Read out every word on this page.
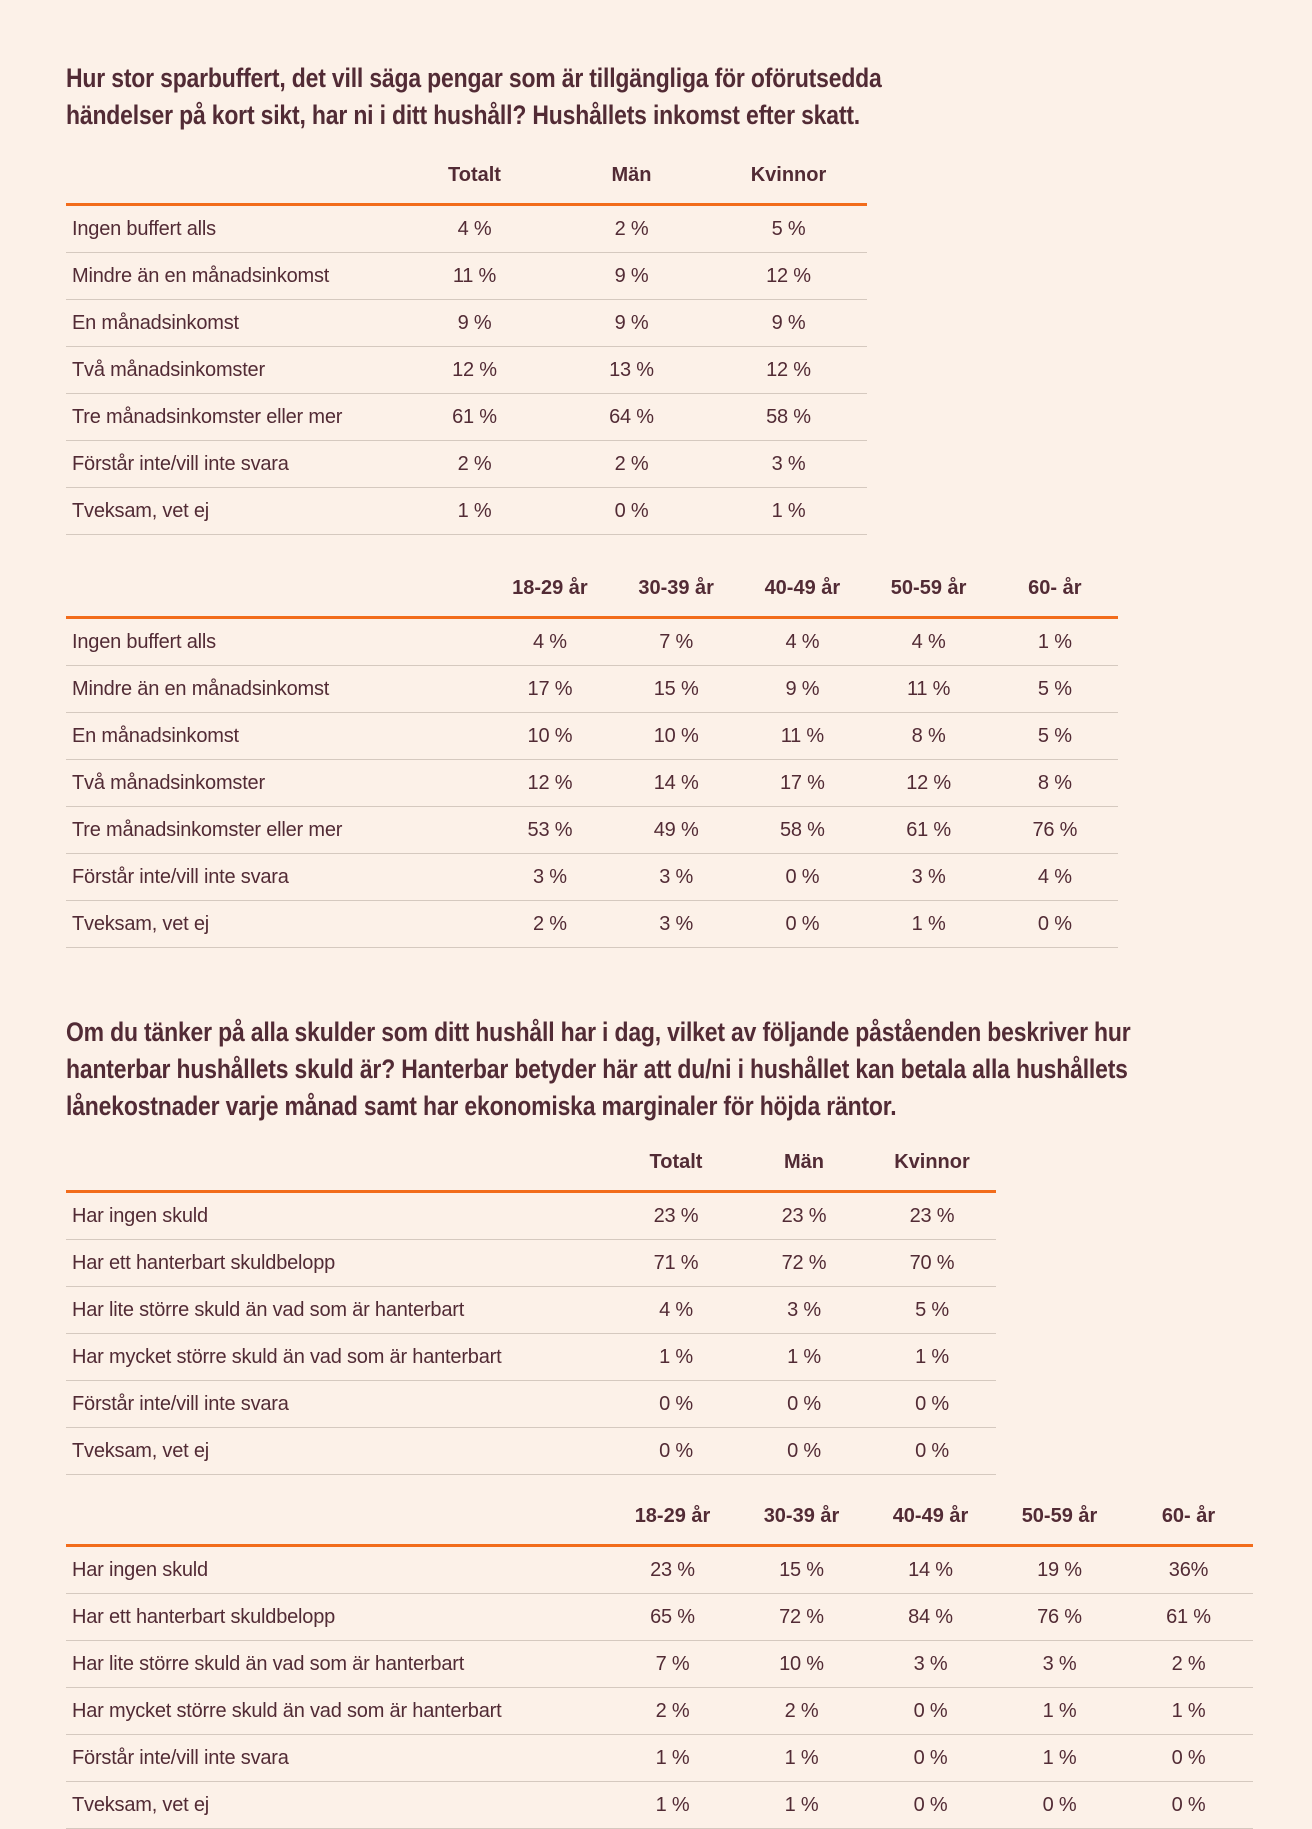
Hur stor sparbuffert, det vill säga pengar som är tillgängliga för oförutsedda
händelser på kort sikt, har ni i ditt hushåll? Hushållets inkomst efter skatt.
	Totalt	Män	Kvinnor
Ingen buffert alls	4 %	2 %	5 %
Mindre än en månadsinkomst	11 %	9 %	12 %
En månadsinkomst	9 %	9 %	9 %
Två månadsinkomster	12 %	13 %	12 %
Tre månadsinkomster eller mer	61 %	64 %	58 %
Förstår inte/vill inte svara	2 %	2 %	3 %
Tveksam, vet ej	1 %	0 %	1 %
	18-29 år	30-39 år	40-49 år	50-59 år	60- år
Ingen buffert alls	4 %	7 %	4 %	4 %	1 %
Mindre än en månadsinkomst	17 %	15 %	9 %	11 %	5 %
En månadsinkomst	10 %	10 %	11 %	8 %	5 %
Två månadsinkomster	12 %	14 %	17 %	12 %	8 %
Tre månadsinkomster eller mer	53 %	49 %	58 %	61 %	76 %
Förstår inte/vill inte svara	3 %	3 %	0 %	3 %	4 %
Tveksam, vet ej	2 %	3 %	0 %	1 %	0 %
Om du tänker på alla skulder som ditt hushåll har i dag, vilket av följande påståenden beskriver hur
hanterbar hushållets skuld är? Hanterbar betyder här att du/ni i hushållet kan betala alla hushållets
lånekostnader varje månad samt har ekonomiska marginaler för höjda räntor.
	Totalt	Män	Kvinnor
Har ingen skuld	23 %	23 %	23 %
Har ett hanterbart skuldbelopp	71 %	72 %	70 %
Har lite större skuld än vad som är hanterbart	4 %	3 %	5 %
Har mycket större skuld än vad som är hanterbart	1 %	1 %	1 %
Förstår inte/vill inte svara	0 %	0 %	0 %
Tveksam, vet ej	0 %	0 %	0 %
	18-29 år	30-39 år	40-49 år	50-59 år	60- år
Har ingen skuld	23 %	15 %	14 %	19 %	36%
Har ett hanterbart skuldbelopp	65 %	72 %	84 %	76 %	61 %
Har lite större skuld än vad som är hanterbart	7 %	10 %	3 %	3 %	2 %
Har mycket större skuld än vad som är hanterbart	2 %	2 %	0 %	1 %	1 %
Förstår inte/vill inte svara	1 %	1 %	0 %	1 %	0 %
Tveksam, vet ej	1 %	1 %	0 %	0 %	0 %
